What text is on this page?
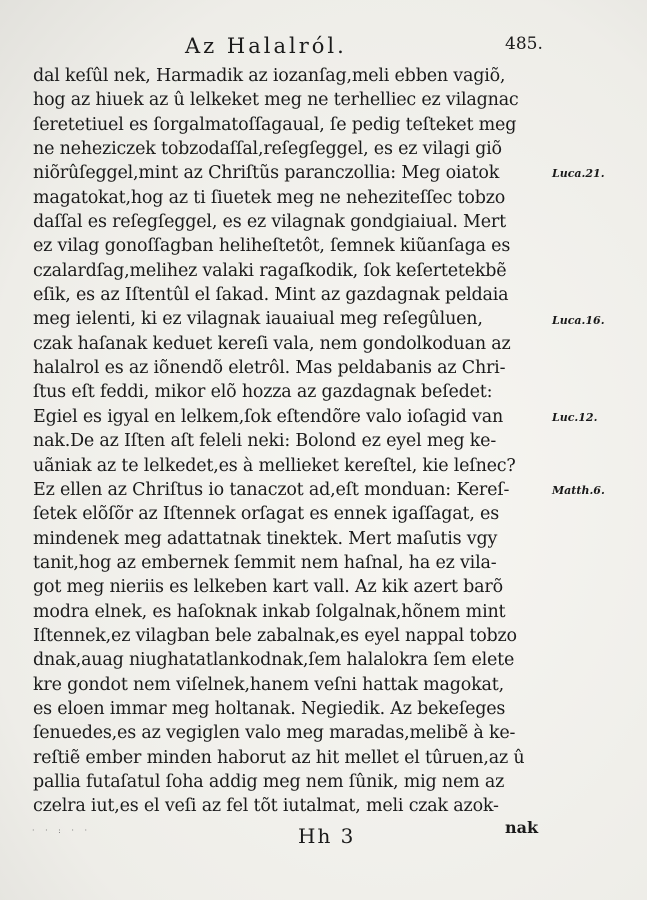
Az Halalról.	485.
dal keſûl nek, Harmadik az iozanſag,meli ebben vagiõ,
hog az hiuek az û lelkeket meg ne terhelliec ez vilagnac
ſeretetiuel es ſorgalmatoſſagaual, ſe pedig teſteket meg
ne neheziczek tobzodaſſal,reſegſeggel, es ez vilagi giõ
niõrûſeggel,mint az Chriſtũs paranczollia: Meg oiatok
magatokat,hog az ti ſiuetek meg ne neheziteſſec tobzo
daſſal es reſegſeggel, es ez vilagnak gondgiaiual. Mert
ez vilag gonoſſagban heliheſtetôt, ſemnek kiũanſaga es
czalardſag,melihez valaki ragaſkodik, ſok keſertetekbẽ
eſik, es az Iſtentûl el ſakad. Mint az gazdagnak peldaia
meg ielenti, ki ez vilagnak iauaiual meg reſegûluen,
czak haſanak keduet kereſi vala, nem gondolkoduan az
halalrol es az iõnendõ eletrôl. Mas peldabanis az Chri-
ſtus eſt feddi, mikor elõ hozza az gazdagnak beſedet:
Egiel es igyal en lelkem,ſok eſtendõre valo ioſagid van
nak.De az Iſten aſt feleli neki: Bolond ez eyel meg ke-
uãniak az te lelkedet,es à mellieket kereſtel, kie leſnec?
Ez ellen az Chriſtus io tanaczot ad,eſt monduan: Kereſ-
ſetek elõſõr az Iſtennek orſagat es ennek igaſſagat, es
mindenek meg adattatnak tinektek. Mert maſutis vgy
tanit,hog az embernek ſemmit nem haſnal, ha ez vila-
got meg nieriis es lelkeben kart vall. Az kik azert barõ
modra elnek, es haſoknak inkab ſolgalnak,hõnem mint
Iſtennek,ez vilagban bele zabalnak,es eyel nappal tobzo
dnak,auag niughatatlankodnak,ſem halalokra ſem elete
kre gondot nem viſelnek,hanem veſni hattak magokat,
es eloen immar meg holtanak. Negiedik. Az bekeſeges
ſenuedes,es az vegiglen valo meg maradas,melibẽ à ke-
reſtiẽ ember minden haborut az hit mellet el tûruen,az û
pallia futaſatul ſoha addig meg nem ſûnik, mig nem az
czelra iut,es el veſi az fel tõt iutalmat, meli czak azok-
Luca.21.
Luca.16.
Luc.12.
Matth.6.
· · : · ·	Hh 3	nak
